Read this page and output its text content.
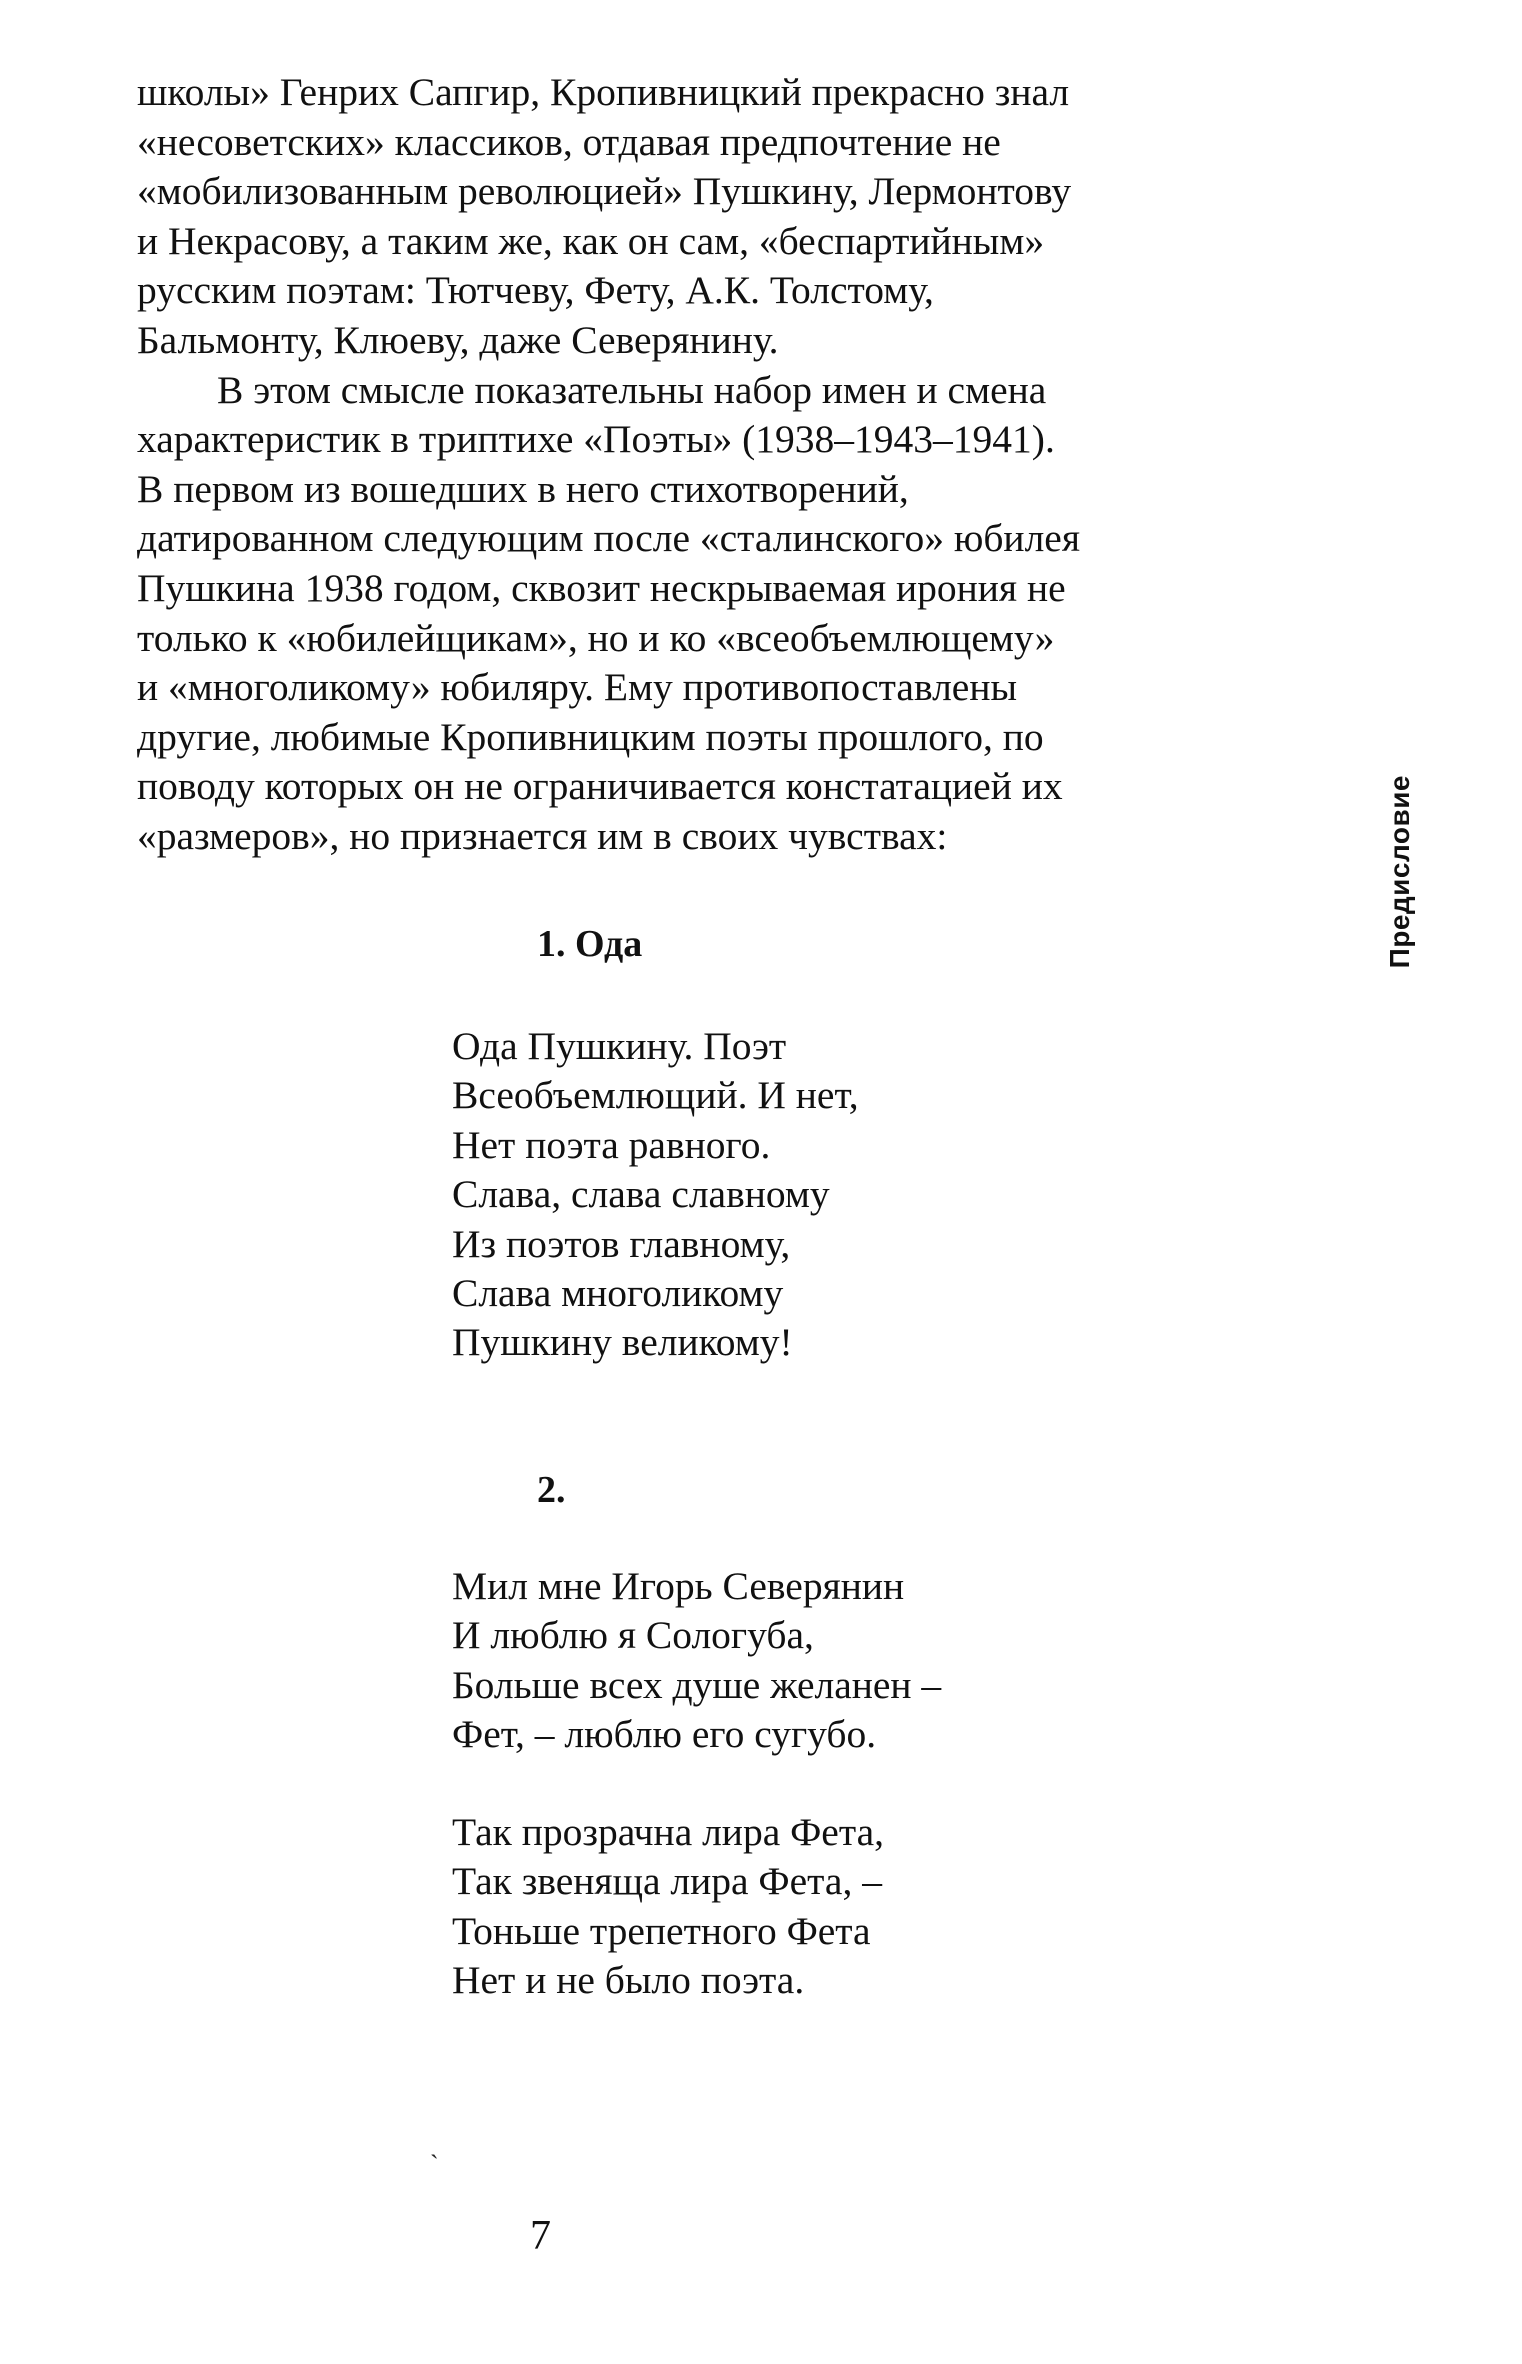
школы» Генрих Сапгир, Кропивницкий прекрасно знал
«несоветских» классиков, отдавая предпочтение не
«мобилизованным революцией» Пушкину, Лермонтову
и Некрасову, а таким же, как он сам, «беспартийным»
русским поэтам: Тютчеву, Фету, А.К. Толстому,
Бальмонту, Клюеву, даже Северянину.
В этом смысле показательны набор имен и смена
характеристик в триптихе «Поэты» (1938–1943–1941).
В первом из вошедших в него стихотворений,
датированном следующим после «сталинского» юбилея
Пушкина 1938 годом, сквозит нескрываемая ирония не
только к «юбилейщикам», но и ко «всеобъемлющему»
и «многоликому» юбиляру. Ему противопоставлены
другие, любимые Кропивницким поэты прошлого, по
поводу которых он не ограничивается констатацией их
«размеров», но признается им в своих чувствах:
1. Ода
Ода Пушкину. Поэт
Всеобъемлющий. И нет,
Нет поэта равного.
Слава, слава славному
Из поэтов главному,
Слава многоликому
Пушкину великому!
2.
Мил мне Игорь Северянин
И люблю я Сологуба,
Больше всех душе желанен –
Фет, – люблю его сугубо.
Так прозрачна лира Фета,
Так звеняща лира Фета, –
Тоньше трепетного Фета
Нет и не было поэта.
Предисловие
ˋ
7
